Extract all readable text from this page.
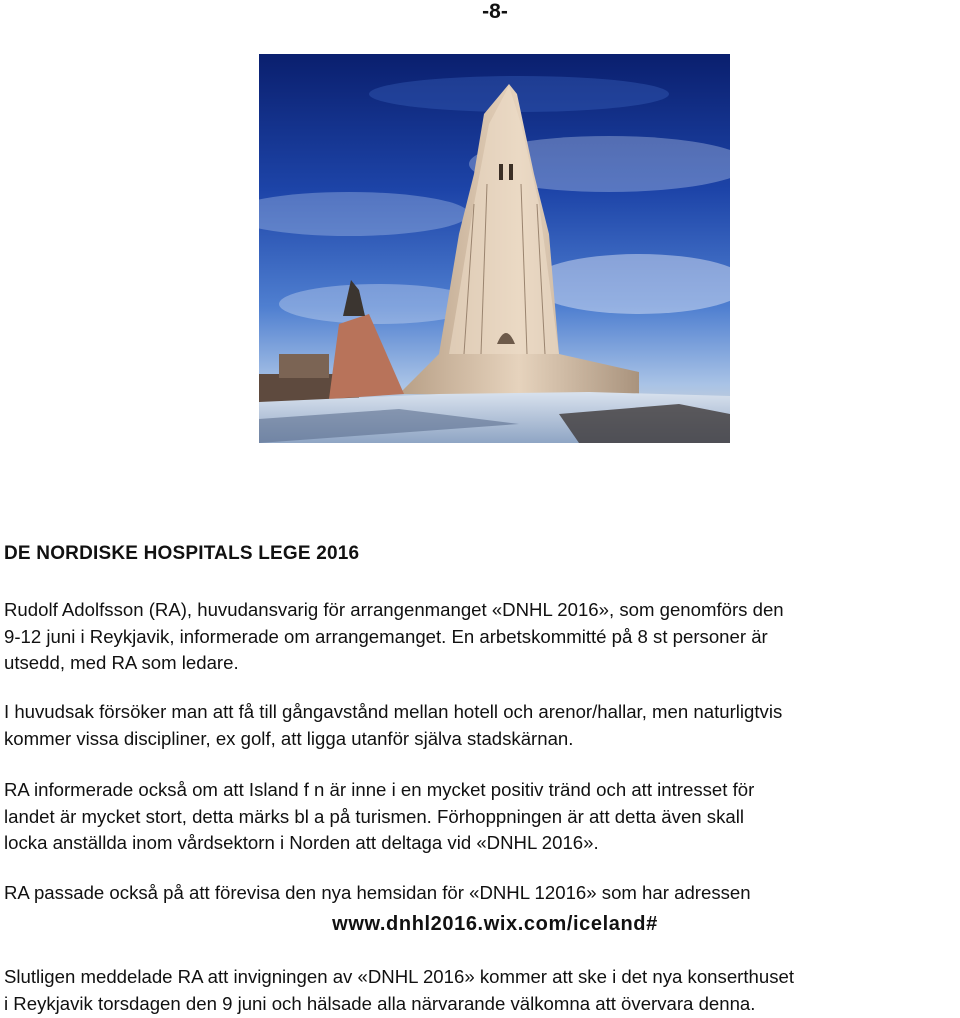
-8-
DE NORDISKE HOSPITALS LEGE 2016

Rudolf Adolfsson (RA), huvudansvarig för arrangenmanget «DNHL 2016», som genomförs den
9-12 juni i Reykjavik, informerade om arrangemanget. En arbetskommitté på 8 st personer är
utsedd, med RA som ledare.

I huvudsak försöker man att få till gångavstånd mellan hotell och arenor/hallar, men naturligtvis
kommer vissa discipliner, ex golf, att ligga utanför själva stadskärnan.

RA informerade också om att Island f n är inne i en mycket positiv tränd och att intresset för
landet är mycket stort, detta märks bl a på turismen. Förhoppningen är att detta även skall
locka anställda inom vårdsektorn i Norden att deltaga vid «DNHL 2016».

RA passade också på att förevisa den nya hemsidan för «DNHL 12016» som har adressen

www.dnhl2016.wix.com/iceland#

Slutligen meddelade RA att invigningen av «DNHL 2016» kommer att ske i det nya konserthuset
i Reykjavik torsdagen den 9 juni och hälsade alla närvarande välkomna att övervara denna.
